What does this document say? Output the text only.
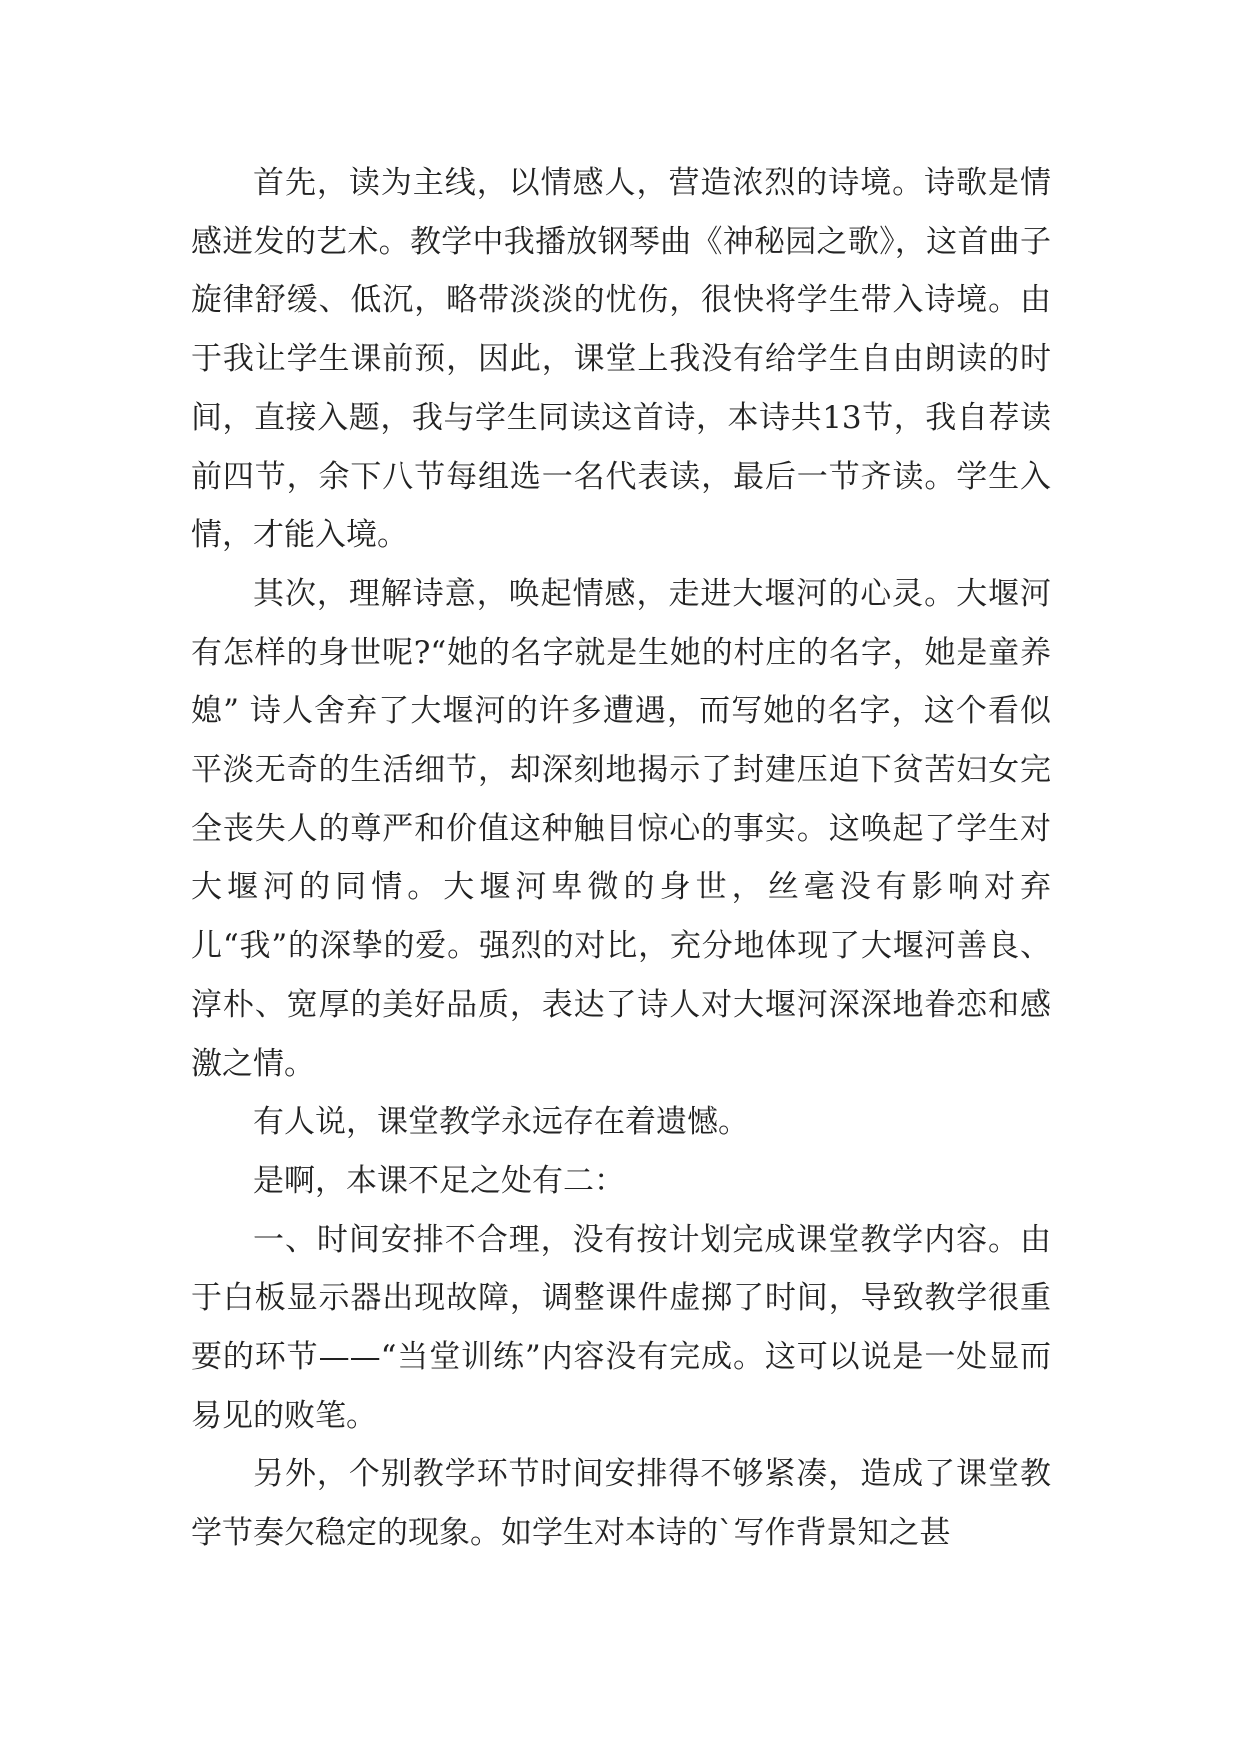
首先，读为主线，以情感人，营造浓烈的诗境。诗歌是情感迸发的艺术。教学中我播放钢琴曲《神秘园之歌》，这首曲子旋律舒缓、低沉，略带淡淡的忧伤，很快将学生带入诗境。由于我让学生课前预，因此，课堂上我没有给学生自由朗读的时间，直接入题，我与学生同读这首诗，本诗共13节，我自荐读前四节，余下八节每组选一名代表读，最后一节齐读。学生入情，才能入境。

其次，理解诗意，唤起情感，走进大堰河的心灵。大堰河有怎样的身世呢?“她的名字就是生她的村庄的名字，她是童养媳” 诗人舍弃了大堰河的许多遭遇，而写她的名字，这个看似平淡无奇的生活细节，却深刻地揭示了封建压迫下贫苦妇女完全丧失人的尊严和价值这种触目惊心的事实。这唤起了学生对大堰河的同情。大堰河卑微的身世，丝毫没有影响对弃儿“我”的深挚的爱。强烈的对比，充分地体现了大堰河善良、淳朴、宽厚的美好品质，表达了诗人对大堰河深深地眷恋和感激之情。

有人说，课堂教学永远存在着遗憾。

是啊，本课不足之处有二：

一、时间安排不合理，没有按计划完成课堂教学内容。由于白板显示器出现故障，调整课件虚掷了时间，导致教学很重要的环节——“当堂训练”内容没有完成。这可以说是一处显而易见的败笔。

另外，个别教学环节时间安排得不够紧凑，造成了课堂教学节奏欠稳定的现象。如学生对本诗的`写作背景知之甚
